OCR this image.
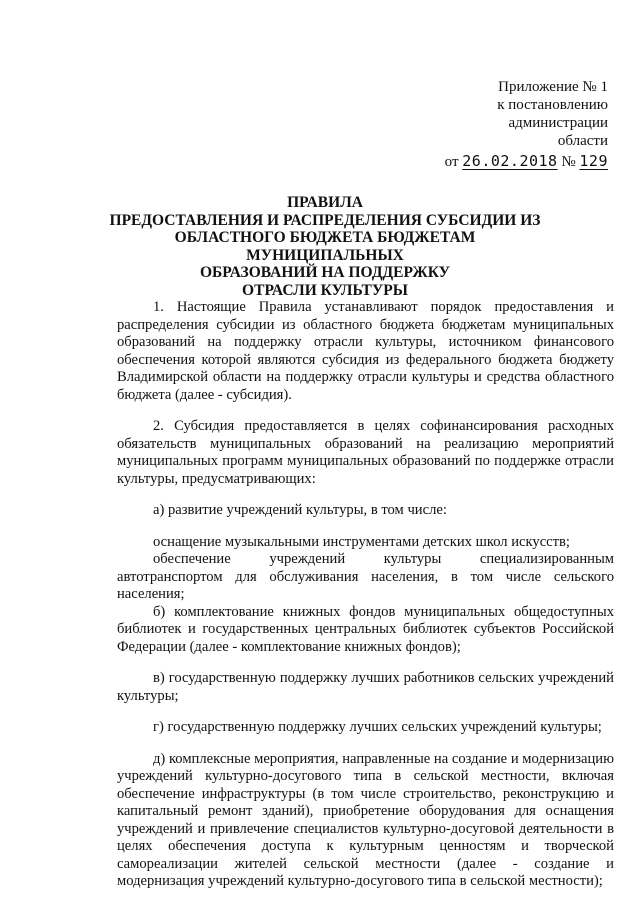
Приложение № 1
к постановлению
администрации
области
от 26.02.2018 № 129
ПРАВИЛА
ПРЕДОСТАВЛЕНИЯ И РАСПРЕДЕЛЕНИЯ СУБСИДИИ ИЗ
ОБЛАСТНОГО БЮДЖЕТА БЮДЖЕТАМ МУНИЦИПАЛЬНЫХ
ОБРАЗОВАНИЙ НА ПОДДЕРЖКУ
ОТРАСЛИ КУЛЬТУРЫ

1. Настоящие Правила устанавливают порядок предоставления и распределения субсидии из областного бюджета бюджетам муниципальных образований на поддержку отрасли культуры, источником финансового обеспечения которой являются субсидия из федерального бюджета бюджету Владимирской области на поддержку отрасли культуры и средства областного бюджета (далее - субсидия).

2. Субсидия предоставляется в целях софинансирования расходных обязательств муниципальных образований на реализацию мероприятий муниципальных программ муниципальных образований по поддержке отрасли культуры, предусматривающих:

а) развитие учреждений культуры, в том числе:

оснащение музыкальными инструментами детских школ искусств;

обеспечение учреждений культуры специализированным автотранспортом для обслуживания населения, в том числе сельского населения;

б) комплектование книжных фондов муниципальных общедоступных библиотек и государственных центральных библиотек субъектов Российской Федерации (далее - комплектование книжных фондов);

в) государственную поддержку лучших работников сельских учреждений культуры;

г) государственную поддержку лучших сельских учреждений культуры;

д) комплексные мероприятия, направленные на создание и модернизацию учреждений культурно-досугового типа в сельской местности, включая обеспечение инфраструктуры (в том числе строительство, реконструкцию и капитальный ремонт зданий), приобретение оборудования для оснащения учреждений и привлечение специалистов культурно-досуговой деятельности в целях обеспечения доступа к культурным ценностям и творческой самореализации жителей сельской местности (далее - создание и модернизация учреждений культурно-досугового типа в сельской местности);
